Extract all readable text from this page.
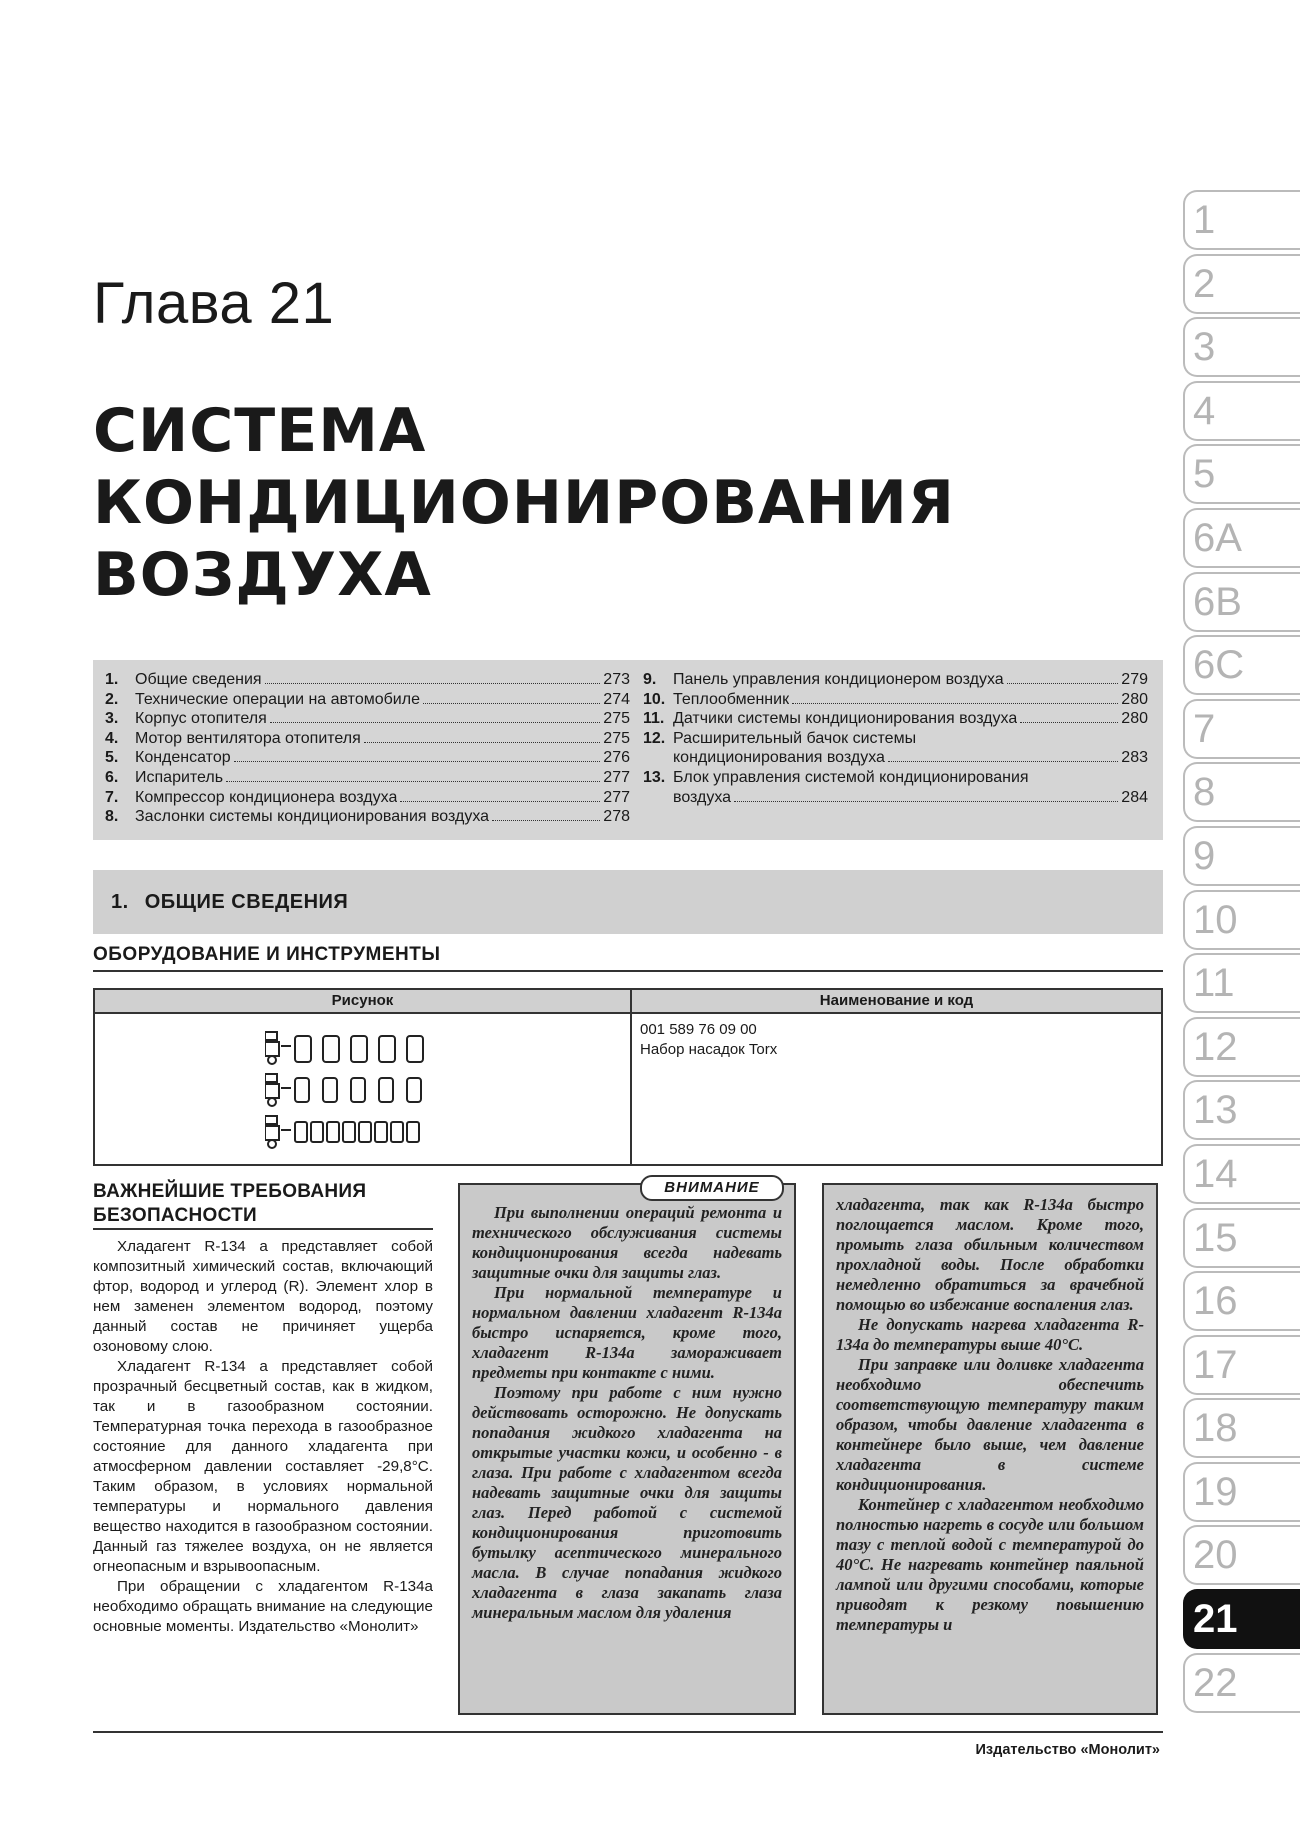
Глава 21
СИСТЕМА
КОНДИЦИОНИРОВАНИЯ
ВОЗДУХА
1.	Общие сведения	273
2.	Технические операции на автомобиле	274
3.	Корпус отопителя	275
4.	Мотор вентилятора отопителя	275
5.	Конденсатор	276
6.	Испаритель	277
7.	Компрессор кондиционера воздуха	277
8.	Заслонки системы кондиционирования воздуха	278
9.	Панель управления кондиционером воздуха	279
10. Теплообменник	280
11. Датчики системы кондиционирования воздуха	280
12. Расширительный бачок системы
кондиционирования воздуха	283
13. Блок управления системой кондиционирования
воздуха	284
1. ОБЩИЕ СВЕДЕНИЯ
ОБОРУДОВАНИЕ И ИНСТРУМЕНТЫ
Рисунок	Наименование и код
001 589 76 09 00
Набор насадок Torx
ВАЖНЕЙШИЕ ТРЕБОВАНИЯ
БЕЗОПАСНОСТИ

Хладагент R-134 а представляет собой композитный химический состав, включающий фтор, водород и углерод (R). Элемент хлор в нем заменен элементом водород, поэтому данный состав не причиняет ущерба озоновому слою.

Хладагент R-134 а представляет собой прозрачный бесцветный состав, как в жидком, так и в газообразном состоянии. Температурная точка перехода в газообразное состояние для данного хладагента при атмосферном давлении составляет -29,8°С. Таким образом, в условиях нормальной температуры и нормального давления вещество находится в газообразном состоянии. Данный газ тяжелее воздуха, он не является огнеопасным и взрывоопасным.

При обращении с хладагентом R-134a необходимо обращать внимание на следующие основные моменты. Издательство «Монолит»

При выполнении операций ремонта и технического обслуживания системы кондиционирования всегда надевать защитные очки для защиты глаз.

При нормальной температуре и нормальном давлении хладагент R-134a быстро испаряется, кроме того, хладагент R-134a замораживает предметы при контакте с ними.

Поэтому при работе с ним нужно действовать осторожно. Не допускать попадания жидкого хладагента на открытые участки кожи, и особенно - в глаза. При работе с хладагентом всегда надевать защитные очки для защиты глаз. Перед работой с системой кондиционирования приготовить бутылку асептического минерального масла. В случае попадания жидкого хладагента в глаза закапать глаза минеральным маслом для удаления

ВНИМАНИЕ

хладагента, так как R-134a быстро поглощается маслом. Кроме того, промыть глаза обильным количеством прохладной воды. После обработки немедленно обратиться за врачебной помощью во избежание воспаления глаз.

Не допускать нагрева хладагента R-134a до температуры выше 40°С.

При заправке или доливке хладагента необходимо обеспечить соответствующую температуру таким образом, чтобы давление хладагента в контейнере было выше, чем давление хладагента в системе кондиционирования.

Контейнер с хладагентом необходимо полностью нагреть в сосуде или большом тазу с теплой водой с температурой до 40°С. Не нагревать контейнер паяльной лампой или другими способами, которые приводят к резкому повышению температуры и

Издательство «Монолит»
1
2
3
4
5
6A
6B
6C
7
8
9
10
11
12
13
14
15
16
17
18
19
20
21
22
